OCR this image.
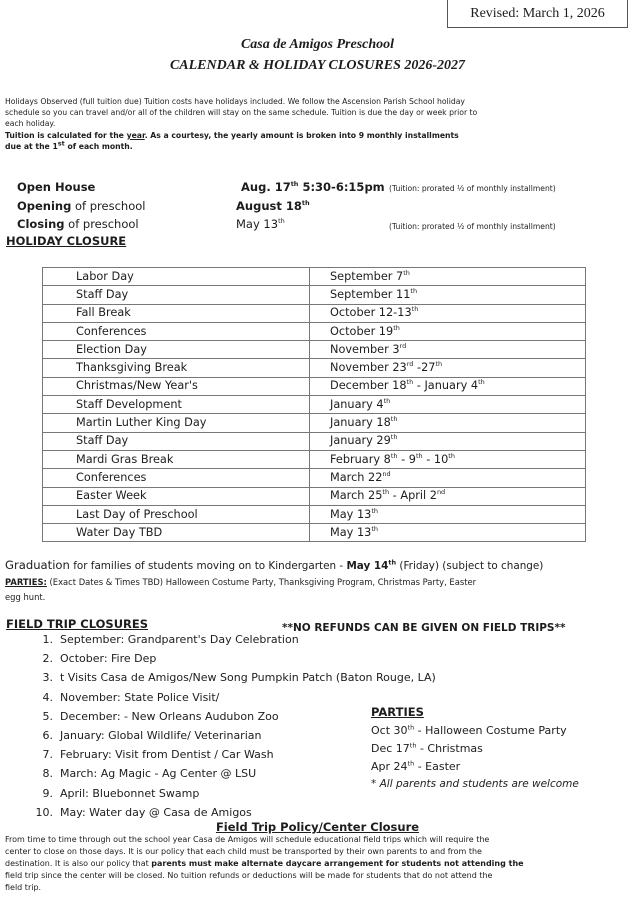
Revised: March 1, 2026
Casa de Amigos Preschool
CALENDAR & HOLIDAY CLOSURES 2026-2027
Holidays Observed (full tuition due) Tuition costs have holidays included. We follow the Ascension Parish School holiday
schedule so you can travel and/or all of the children will stay on the same schedule. Tuition is due the day or week prior to
each holiday.
Tuition is calculated for the year. As a courtesy, the yearly amount is broken into 9 monthly installments
due at the 1st of each month.
Open House	Aug. 17th 5:30-6:15pm (Tuition: prorated ½ of monthly installment)
Opening of preschool	August 18th
Closing of preschool	May 13th
(Tuition: prorated ½ of monthly installment)
HOLIDAY CLOSURE
Labor Day	September 7th
Staff Day	September 11th
Fall Break	October 12-13th
Conferences	October 19th
Election Day	November 3rd
Thanksgiving Break	November 23rd -27th
Christmas/New Year's	December 18th - January 4th
Staff Development	January 4th
Martin Luther King Day	January 18th
Staff Day	January 29th
Mardi Gras Break	February 8th - 9th - 10th
Conferences	March 22nd
Easter Week	March 25th - April 2nd
Last Day of Preschool	May 13th
Water Day TBD	May 13th
Graduation for families of students moving on to Kindergarten - May 14th (Friday) (subject to change)
PARTIES: (Exact Dates & Times TBD) Halloween Costume Party, Thanksgiving Program, Christmas Party, Easter
egg hunt.
FIELD TRIP CLOSURES	**NO REFUNDS CAN BE GIVEN ON FIELD TRIPS**
1. September: Grandparent's Day Celebration
2. October: Fire Dep
3. t Visits Casa de Amigos/New Song Pumpkin Patch (Baton Rouge, LA)
4. November: State Police Visit/
5. December: - New Orleans Audubon Zoo
6. January: Global Wildlife/ Veterinarian
7. February: Visit from Dentist / Car Wash
8. March: Ag Magic - Ag Center @ LSU
9. April: Bluebonnet Swamp
10. May: Water day @ Casa de Amigos
PARTIES
Oct 30th - Halloween Costume Party
Dec 17th - Christmas
Apr 24th - Easter
* All parents and students are welcome
Field Trip Policy/Center Closure
From time to time through out the school year Casa de Amigos will schedule educational field trips which will require the
center to close on those days. It is our policy that each child must be transported by their own parents to and from the
destination. It is also our policy that parents must make alternate daycare arrangement for students not attending the
field trip since the center will be closed. No tuition refunds or deductions will be made for students that do not attend the
field trip.
